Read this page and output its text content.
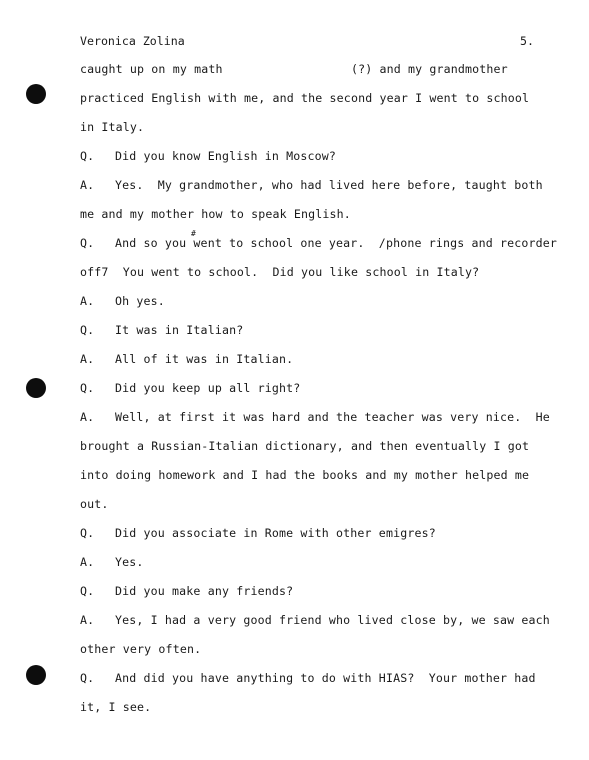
Veronica Zolina	5.
#
caught up on my math                  (?) and my grandmother
practiced English with me, and the second year I went to school
in Italy.
Q. Did you know English in Moscow?
A. Yes.  My grandmother, who had lived here before, taught both
me and my mother how to speak English.
Q. And so you went to school one year.  /phone rings and recorder
off7  You went to school.  Did you like school in Italy?
A. Oh yes.
Q. It was in Italian?
A. All of it was in Italian.
Q. Did you keep up all right?
A. Well, at first it was hard and the teacher was very nice.  He
brought a Russian-Italian dictionary, and then eventually I got
into doing homework and I had the books and my mother helped me
out.
Q. Did you associate in Rome with other emigres?
A. Yes.
Q. Did you make any friends?
A. Yes, I had a very good friend who lived close by, we saw each
other very often.
Q. And did you have anything to do with HIAS?  Your mother had
it, I see.
